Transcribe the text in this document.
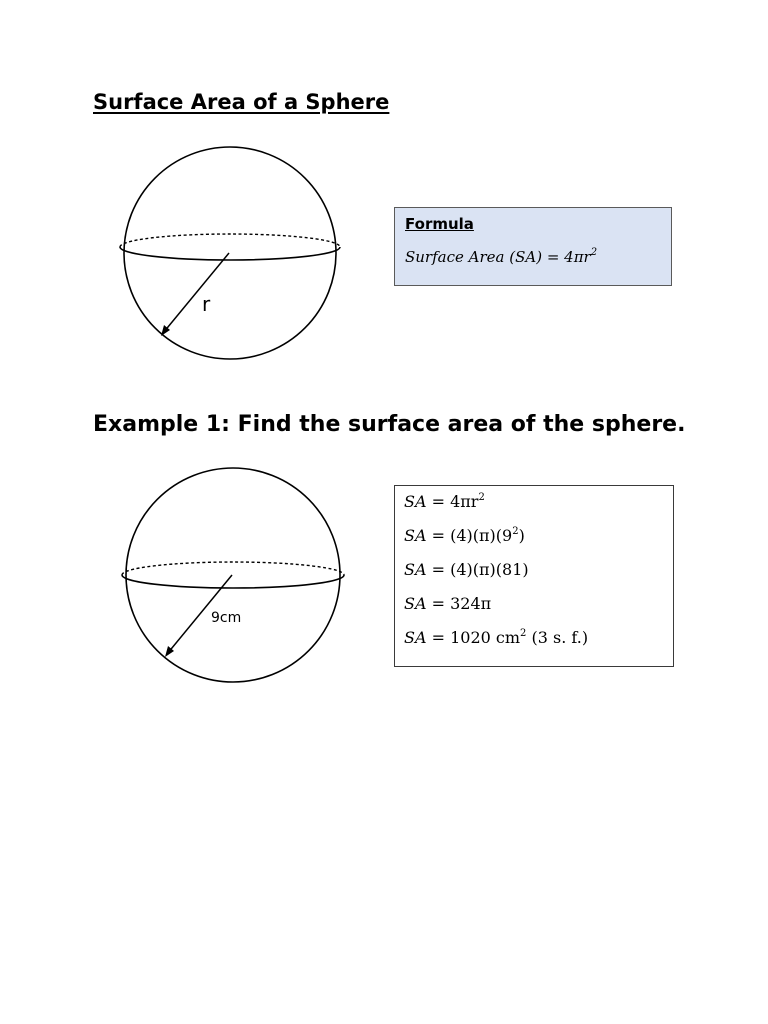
Surface Area of a Sphere
r
Formula
Surface Area $(SA) = 4\pi r^2$
Example 1: Find the surface area of the sphere.
9cm
SA = $4\pi r^2$
SA = $(4)(\pi)(9^2)$
SA = (4)(π)(81)
SA = 324π
SA = 1020 $cm^2$ (3 s. f.)
